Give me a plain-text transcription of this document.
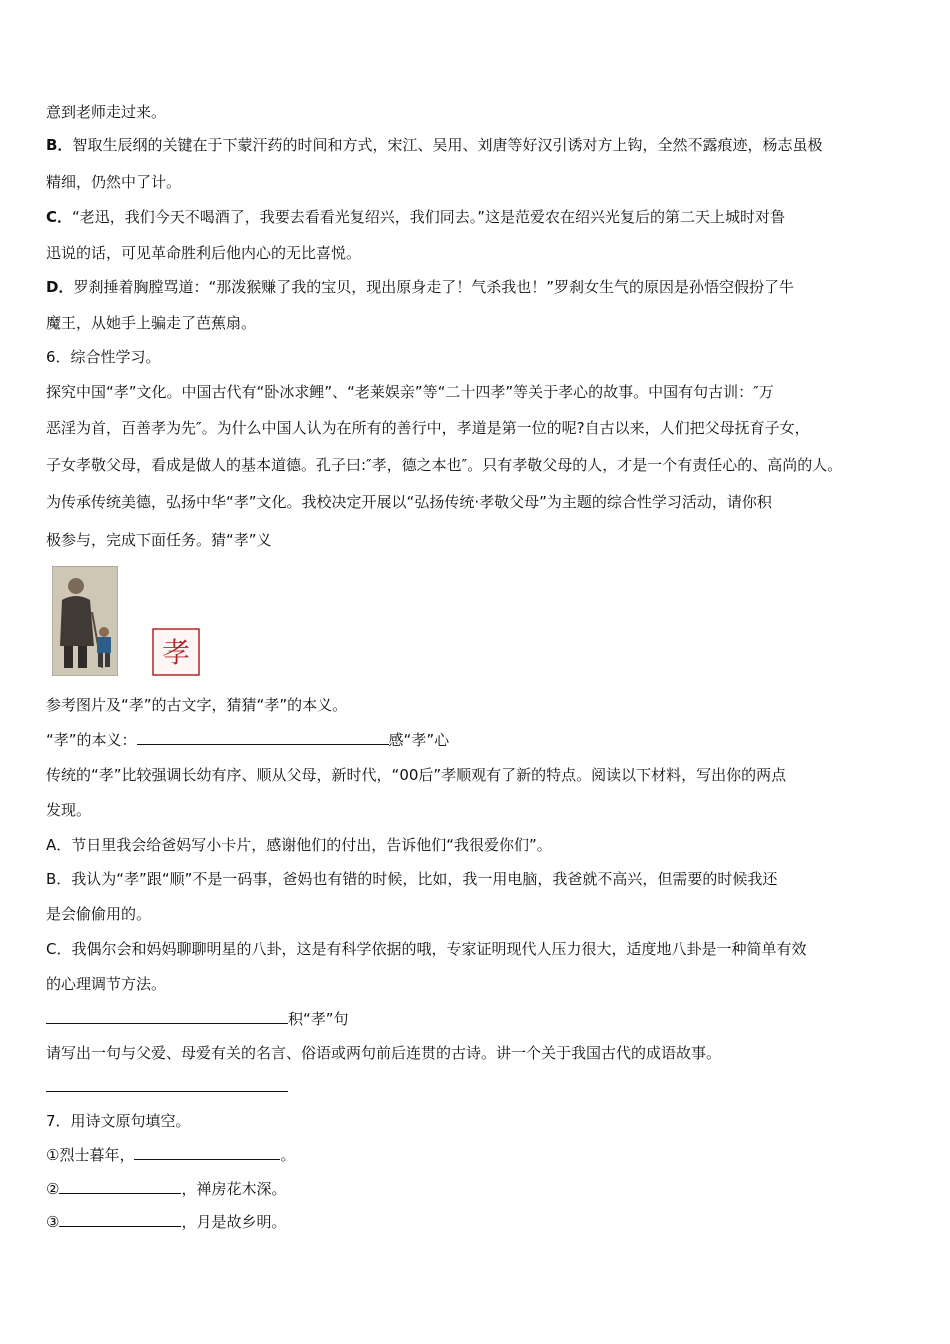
意到老师走过来。
B．智取生辰纲的关键在于下蒙汗药的时间和方式，宋江、吴用、刘唐等好汉引诱对方上钩，全然不露痕迹，杨志虽极
精细，仍然中了计。
C．“老迅，我们今天不喝酒了，我要去看看光复绍兴，我们同去。”这是范爱农在绍兴光复后的第二天上城时对鲁
迅说的话，可见革命胜利后他内心的无比喜悦。
D．罗刹捶着胸膛骂道：“那泼猴赚了我的宝贝，现出原身走了！气杀我也！”罗刹女生气的原因是孙悟空假扮了牛
魔王，从她手上骗走了芭蕉扇。
6．综合性学习。
探究中国“孝”文化。中国古代有“卧冰求鲤”、“老莱娱亲”等“二十四孝”等关于孝心的故事。中国有句古训：″万
恶淫为首，百善孝为先″。为什么中国人认为在所有的善行中，孝道是第一位的呢?自古以来，人们把父母抚育子女，
子女孝敬父母，看成是做人的基本道德。孔子曰:″孝，德之本也″。只有孝敬父母的人，才是一个有责任心的、高尚的人。
为传承传统美德，弘扬中华“孝”文化。我校决定开展以“弘扬传统·孝敬父母”为主题的综合性学习活动，请你积
极参与，完成下面任务。猜“孝”义
孝
参考图片及“孝”的古文字，猜猜“孝”的本义。
“孝”的本义：	感“孝”心
传统的“孝”比较强调长幼有序、顺从父母，新时代，“00后”孝顺观有了新的特点。阅读以下材料，写出你的两点
发现。
A．节日里我会给爸妈写小卡片，感谢他们的付出，告诉他们“我很爱你们”。
B．我认为“孝”跟“顺”不是一码事，爸妈也有错的时候，比如，我一用电脑，我爸就不高兴，但需要的时候我还
是会偷偷用的。
C．我偶尔会和妈妈聊聊明星的八卦，这是有科学依据的哦，专家证明现代人压力很大，适度地八卦是一种简单有效
的心理调节方法。
积“孝”句
请写出一句与父爱、母爱有关的名言、俗语或两句前后连贯的古诗。讲一个关于我国古代的成语故事。
7．用诗文原句填空。
①烈士暮年，	。
②	，禅房花木深。
③	，月是故乡明。
